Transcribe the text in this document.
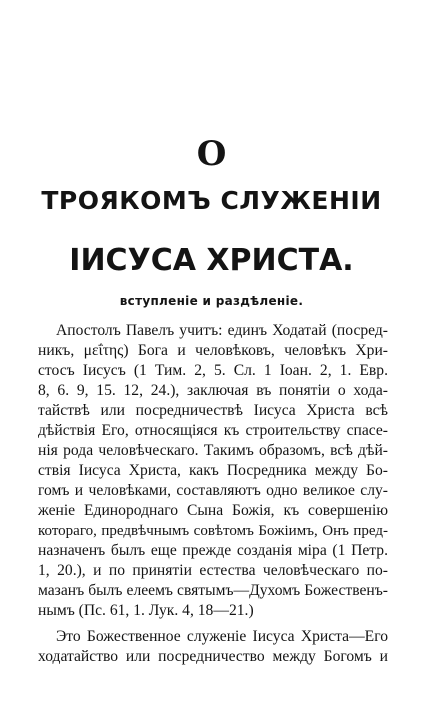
О
ТРОЯКОМЪ СЛУЖЕНІИ
ІИСУСА ХРИСТА.
вступленіе и раздѣленіе.
Апостолъ Павелъ учитъ: единъ Ходатай (посред-
никъ, μεΐτης) Бога и человѣковъ, человѣкъ Хри-
стосъ Іисусъ (1 Тим. 2, 5. Сл. 1 Іоан. 2, 1. Евр.
8, 6. 9, 15. 12, 24.), заключая въ понятіи о хода-
тайствѣ или посредничествѣ Іисуса Христа всѣ
дѣйствія Его, относящіяся къ строительству спасе-
нія рода человѣческаго. Такимъ образомъ, всѣ дѣй-
ствія Іисуса Христа, какъ Посредника между Бо-
гомъ и человѣками, составляютъ одно великое слу-
женіе Единороднаго Сына Божія, къ совершенію
котораго, предвѣчнымъ совѣтомъ Божіимъ, Онъ пред-
назначенъ былъ еще прежде созданія міра (1 Петр.
1, 20.), и по принятіи естества человѣческаго по-
мазанъ былъ елеемъ святымъ—Духомъ Божественъ-
нымъ (Пс. 61, 1. Лук. 4, 18—21.)
Это Божественное служеніе Іисуса Христа—Его
ходатайство или посредничество между Богомъ и
